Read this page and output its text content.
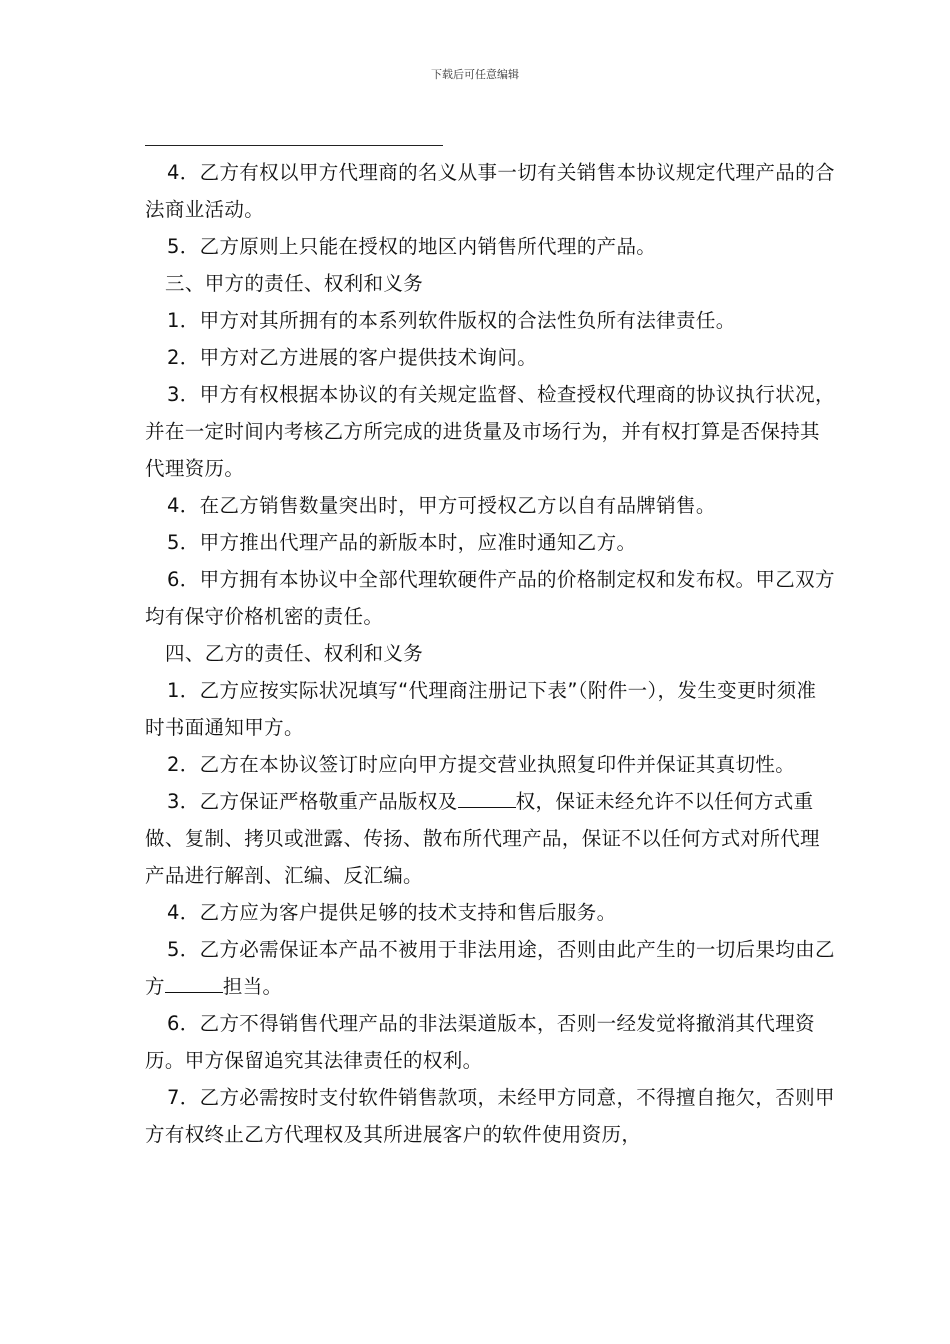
下载后可任意编辑

4．乙方有权以甲方代理商的名义从事一切有关销售本协议规定代理产品的合法商业活动。

5．乙方原则上只能在授权的地区内销售所代理的产品。

三、甲方的责任、权利和义务

1．甲方对其所拥有的本系列软件版权的合法性负所有法律责任。

2．甲方对乙方进展的客户提供技术询问。

3．甲方有权根据本协议的有关规定监督、检查授权代理商的协议执行状况，并在一定时间内考核乙方所完成的进货量及市场行为，并有权打算是否保持其代理资历。

4．在乙方销售数量突出时，甲方可授权乙方以自有品牌销售。

5．甲方推出代理产品的新版本时，应准时通知乙方。

6．甲方拥有本协议中全部代理软硬件产品的价格制定权和发布权。甲乙双方均有保守价格机密的责任。

四、乙方的责任、权利和义务

1．乙方应按实际状况填写“代理商注册记下表”（附件一），发生变更时须准时书面通知甲方。

2．乙方在本协议签订时应向甲方提交营业执照复印件并保证其真切性。

3．乙方保证严格敬重产品版权及	权，保证未经允许不以任何方式重做、复制、拷贝或泄露、传扬、散布所代理产品，保证不以任何方式对所代理产品进行解剖、汇编、反汇编。

4．乙方应为客户提供足够的技术支持和售后服务。

5．乙方必需保证本产品不被用于非法用途，否则由此产生的一切后果均由乙方	担当。

6．乙方不得销售代理产品的非法渠道版本，否则一经发觉将撤消其代理资历。甲方保留追究其法律责任的权利。

7．乙方必需按时支付软件销售款项，未经甲方同意，不得擅自拖欠，否则甲方有权终止乙方代理权及其所进展客户的软件使用资历，
